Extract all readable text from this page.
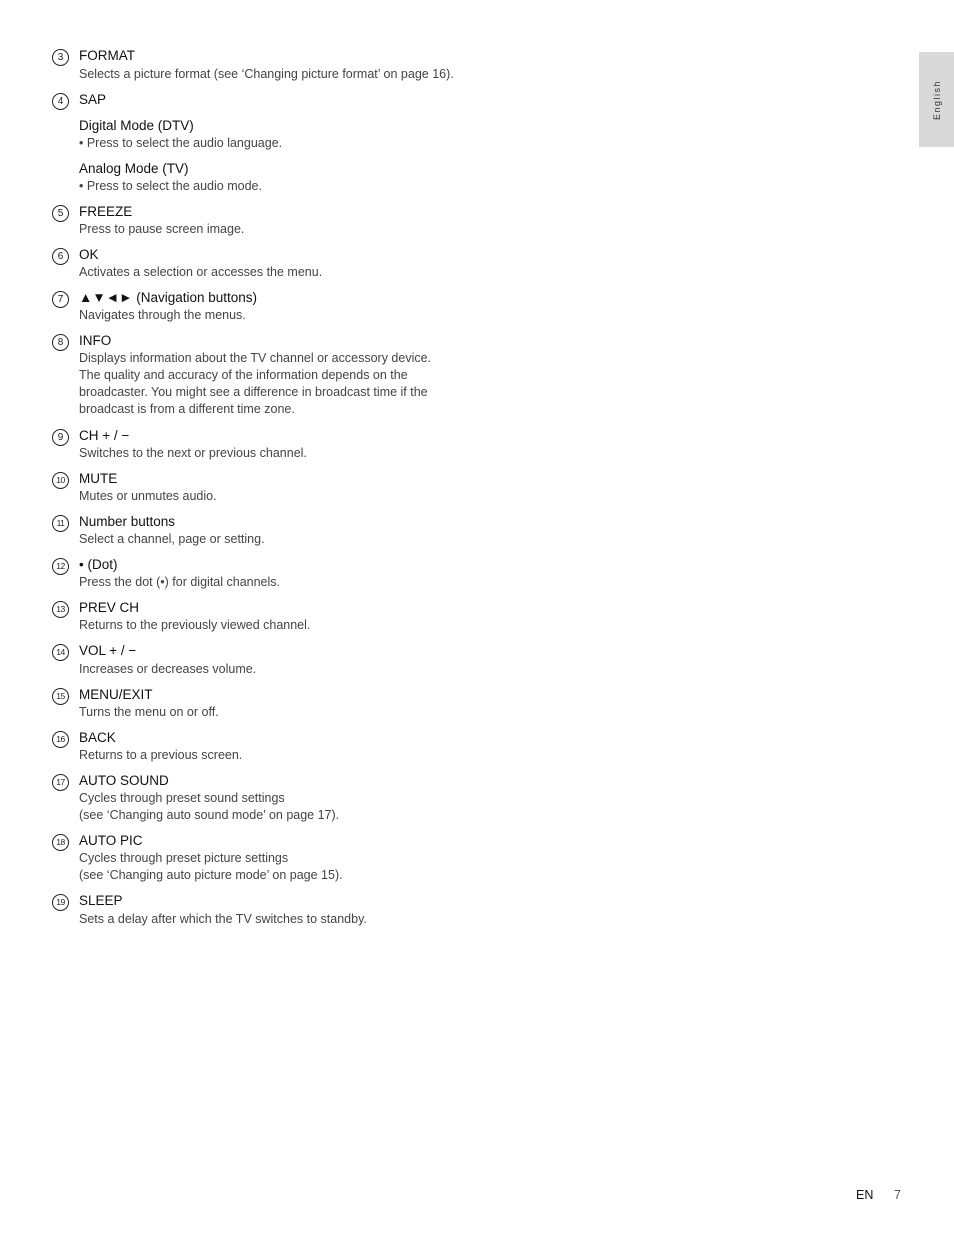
English
3	FORMAT
Selects a picture format (see ‘Changing picture format’ on page 16).
4	SAP
Digital Mode (DTV)
• Press to select the audio language.
Analog Mode (TV)
• Press to select the audio mode.
5	FREEZE
Press to pause screen image.
6	OK
Activates a selection or accesses the menu.
7	▲▼◄► (Navigation buttons)
Navigates through the menus.
8	INFO
Displays information about the TV channel or accessory device.
The quality and accuracy of the information depends on the
broadcaster. You might see a difference in broadcast time if the
broadcast is from a different time zone.
9	CH + / −
Switches to the next or previous channel.
10	MUTE
Mutes or unmutes audio.
11	Number buttons
Select a channel, page or setting.
12	• (Dot)
Press the dot (•) for digital channels.
13	PREV CH
Returns to the previously viewed channel.
14	VOL + / −
Increases or decreases volume.
15	MENU/EXIT
Turns the menu on or off.
16	BACK
Returns to a previous screen.
17	AUTO SOUND
Cycles through preset sound settings
(see ‘Changing auto sound mode’ on page 17).
18	AUTO PIC
Cycles through preset picture settings
(see ‘Changing auto picture mode’ on page 15).
19	SLEEP
Sets a delay after which the TV switches to standby.
EN 7
